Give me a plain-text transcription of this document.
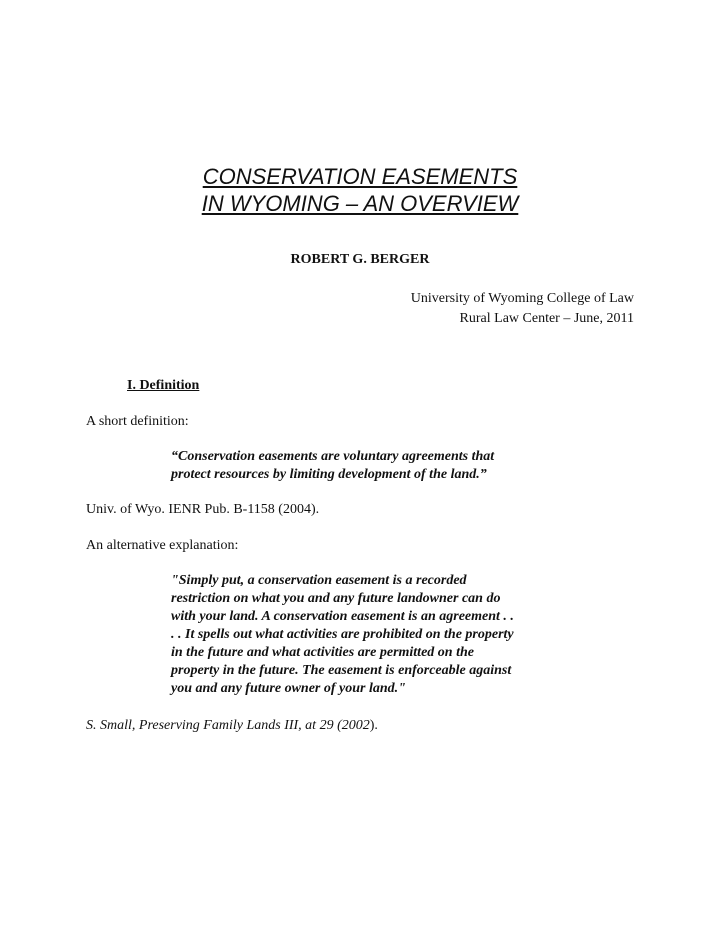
CONSERVATION EASEMENTS
IN WYOMING – AN OVERVIEW

ROBERT G. BERGER

University of Wyoming College of Law
Rural Law Center – June, 2011
I. Definition

A short definition:

“Conservation easements are voluntary agreements that
protect resources by limiting development of the land.”

Univ. of Wyo. IENR Pub. B-1158 (2004).

An alternative explanation:

"Simply put, a conservation easement is a recorded
restriction on what you and any future landowner can do
with your land. A conservation easement is an agreement . .
. . It spells out what activities are prohibited on the property
in the future and what activities are permitted on the
property in the future. The easement is enforceable against
you and any future owner of your land."

S. Small, Preserving Family Lands III, at 29 (2002).
